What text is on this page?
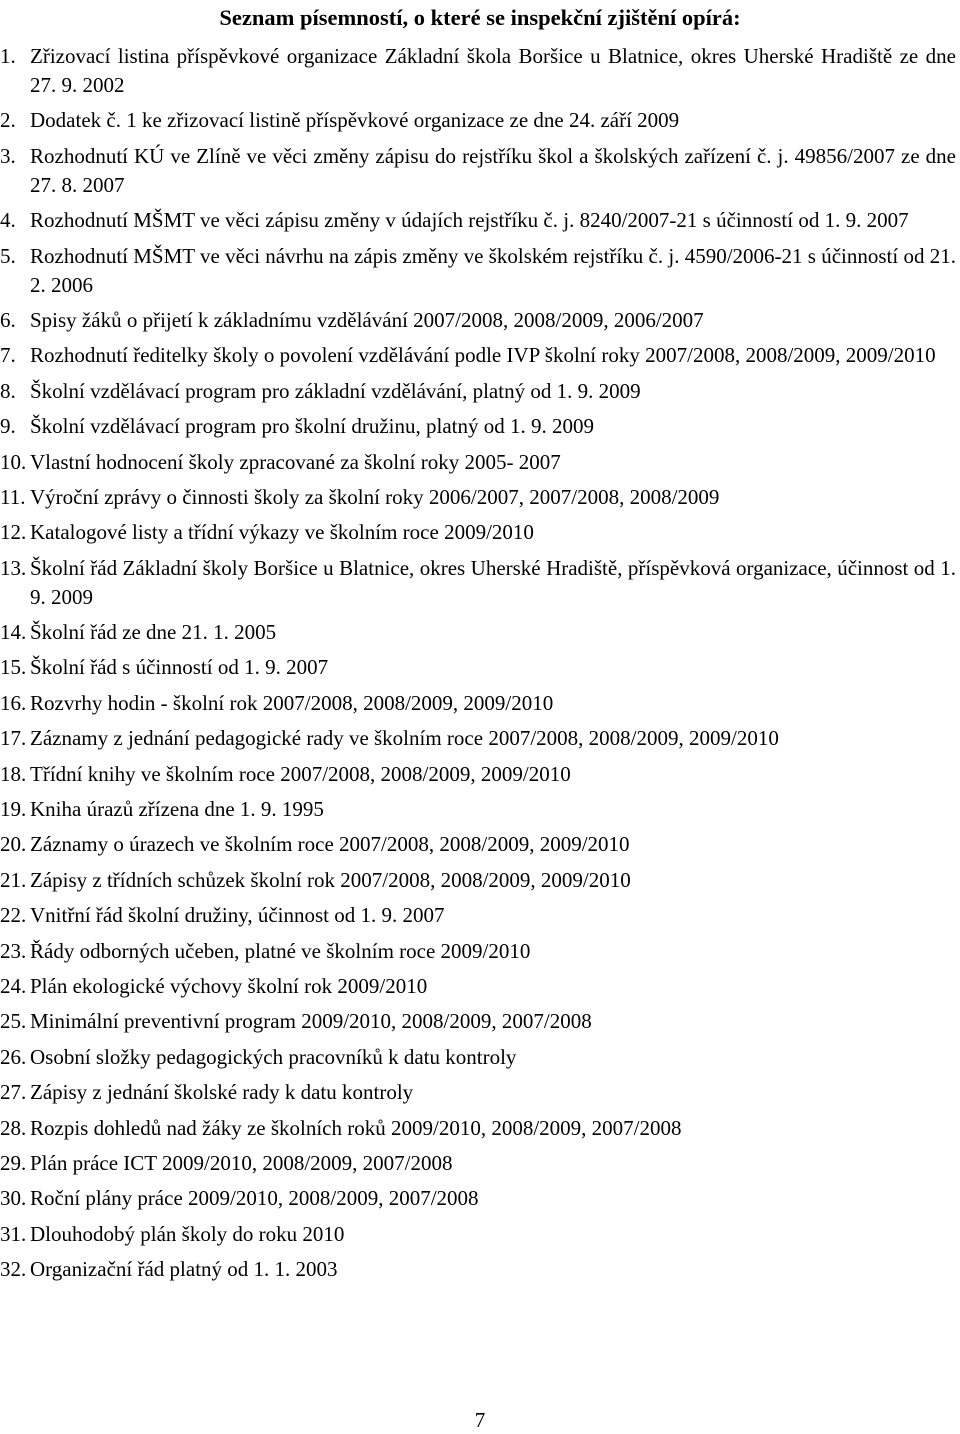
Seznam písemností, o které se inspekční zjištění opírá:
1. Zřizovací listina příspěvkové organizace Základní škola Boršice u Blatnice, okres Uherské Hradiště ze dne 27. 9. 2002
2. Dodatek č. 1 ke zřizovací listině příspěvkové organizace ze dne 24. září 2009
3. Rozhodnutí KÚ ve Zlíně ve věci změny zápisu do rejstříku škol a školských zařízení č. j. 49856/2007 ze dne 27. 8. 2007
4. Rozhodnutí MŠMT ve věci zápisu změny v údajích rejstříku č. j. 8240/2007-21 s účinností od 1. 9. 2007
5. Rozhodnutí MŠMT ve věci návrhu na zápis změny ve školském rejstříku č. j. 4590/2006-21 s účinností od 21. 2. 2006
6. Spisy žáků o přijetí k základnímu vzdělávání 2007/2008, 2008/2009, 2006/2007
7. Rozhodnutí ředitelky školy o povolení vzdělávání podle IVP školní roky 2007/2008, 2008/2009, 2009/2010
8. Školní vzdělávací program pro základní vzdělávání, platný od 1. 9. 2009
9. Školní vzdělávací program pro školní družinu, platný od 1. 9. 2009
10. Vlastní hodnocení školy zpracované za školní roky 2005- 2007
11. Výroční zprávy o činnosti školy za školní roky 2006/2007, 2007/2008, 2008/2009
12. Katalogové listy a třídní výkazy ve školním roce 2009/2010
13. Školní řád Základní školy Boršice u Blatnice, okres Uherské Hradiště, příspěvková organizace, účinnost od 1. 9. 2009
14. Školní řád ze dne 21. 1. 2005
15. Školní řád s účinností od 1. 9. 2007
16. Rozvrhy hodin - školní rok 2007/2008, 2008/2009, 2009/2010
17. Záznamy z jednání pedagogické rady ve školním roce 2007/2008, 2008/2009, 2009/2010
18. Třídní knihy ve školním roce 2007/2008, 2008/2009, 2009/2010
19. Kniha úrazů zřízena dne 1. 9. 1995
20. Záznamy o úrazech ve školním roce 2007/2008, 2008/2009, 2009/2010
21. Zápisy z třídních schůzek školní rok 2007/2008, 2008/2009, 2009/2010
22. Vnitřní řád školní družiny, účinnost od 1. 9. 2007
23. Řády odborných učeben, platné ve školním roce 2009/2010
24. Plán ekologické výchovy školní rok 2009/2010
25. Minimální preventivní program 2009/2010, 2008/2009, 2007/2008
26. Osobní složky pedagogických pracovníků k datu kontroly
27. Zápisy z jednání školské rady k datu kontroly
28. Rozpis dohledů nad žáky ze školních roků 2009/2010, 2008/2009, 2007/2008
29. Plán práce ICT 2009/2010, 2008/2009, 2007/2008
30. Roční plány práce 2009/2010, 2008/2009, 2007/2008
31. Dlouhodobý plán školy do roku 2010
32. Organizační řád platný od 1. 1. 2003
7
